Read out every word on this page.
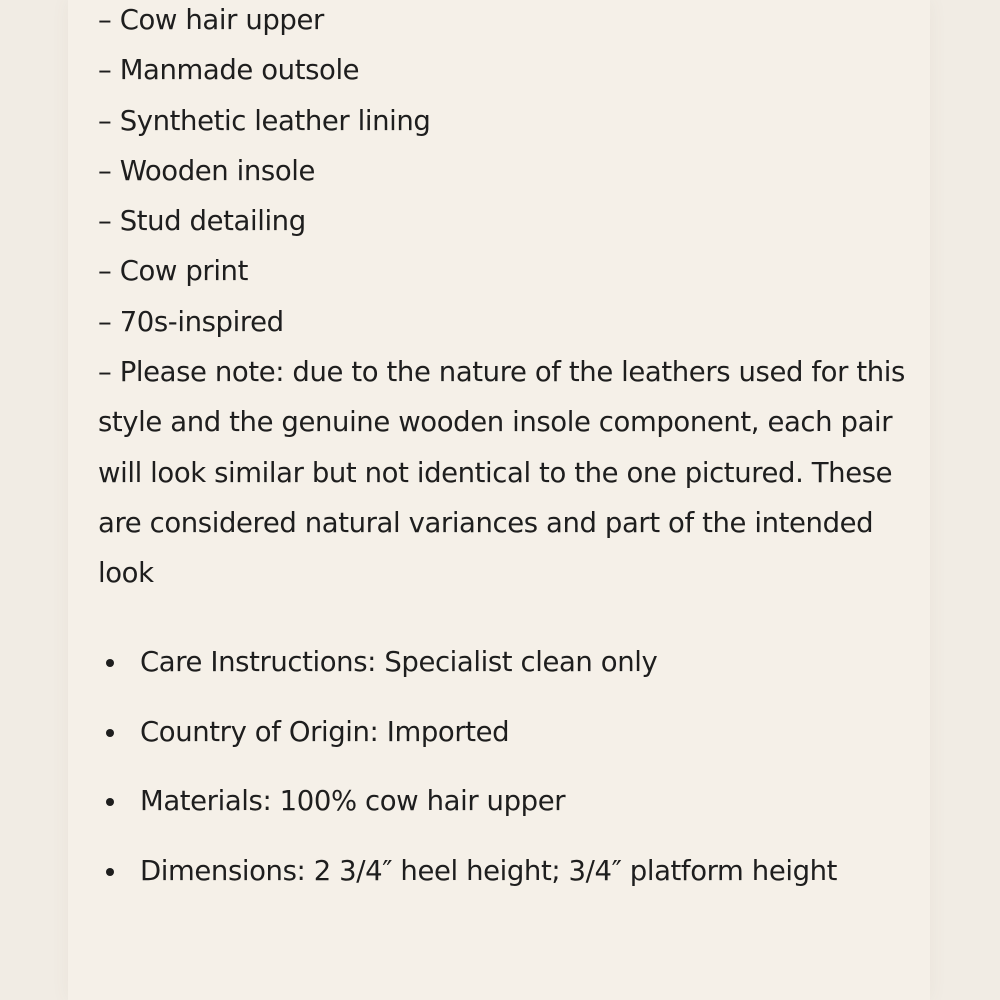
– Cow hair upper

– Manmade outsole

– Synthetic leather lining

– Wooden insole

– Stud detailing

– Cow print

– 70s-inspired

– Please note: due to the nature of the leathers used for this style and the genuine wooden insole component, each pair will look similar but not identical to the one pictured. These are considered natural variances and part of the intended look

Care Instructions: Specialist clean only
Country of Origin: Imported
Materials: 100% cow hair upper
Dimensions: 2 3/4″ heel height; 3/4″ platform height
